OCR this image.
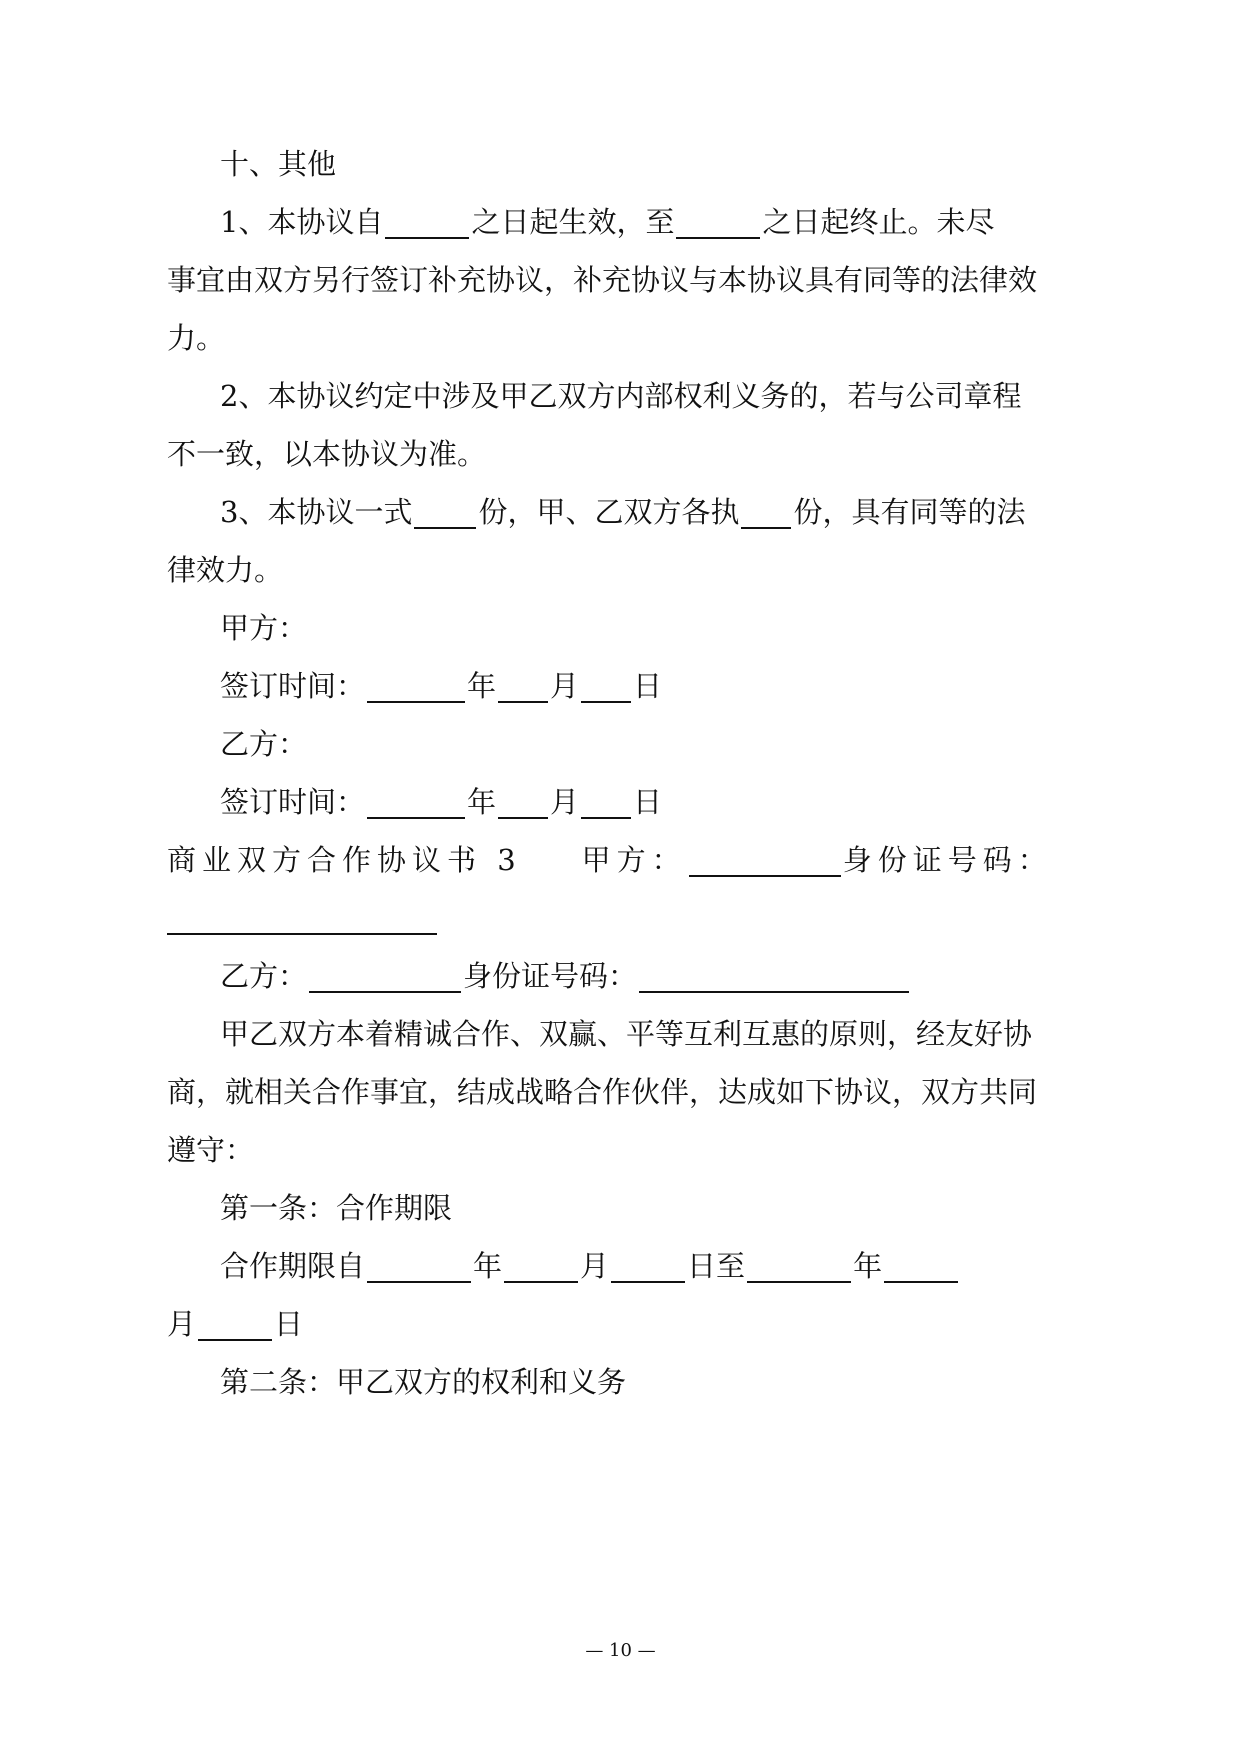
十、其他
1、本协议自	之日起生效，至	之日起终止。未尽
事宜由双方另行签订补充协议，补充协议与本协议具有同等的法律效
力。
2、本协议约定中涉及甲乙双方内部权利义务的，若与公司章程
不一致，以本协议为准。
3、本协议一式 份，甲、乙双方各执 份，具有同等的法
律效力。
甲方：
签订时间：	年 月 日
乙方：
签订时间：	年 月 日
商业双方合作协议书 3 甲方：	身份证号码：
乙方：	身份证号码：
甲乙双方本着精诚合作、双赢、平等互利互惠的原则，经友好协
商，就相关合作事宜，结成战略合作伙伴，达成如下协议，双方共同
遵守：
第一条：合作期限
合作期限自	年	月	日至	年
月	日
第二条：甲乙双方的权利和义务
— 10 —
